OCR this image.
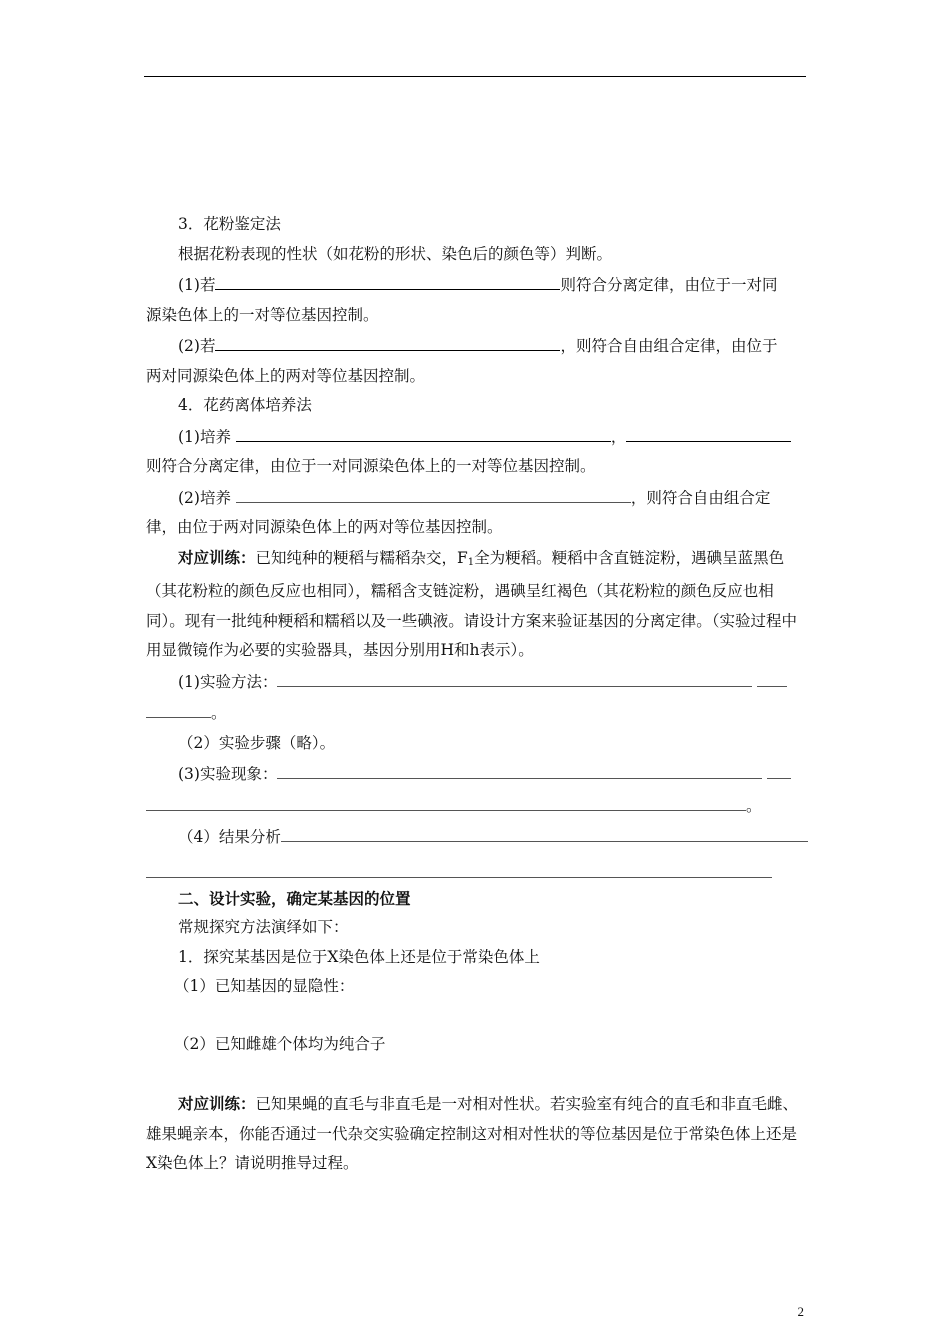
3．花粉鉴定法

根据花粉表现的性状（如花粉的形状、染色后的颜色等）判断。

(1)若	则符合分离定律，由位于一对同

源染色体上的一对等位基因控制。

(2)若	，则符合自由组合定律，由位于

两对同源染色体上的两对等位基因控制。

4．花药离体培养法

(1)培养	，

则符合分离定律，由位于一对同源染色体上的一对等位基因控制。

(2)培养	，则符合自由组合定

律，由位于两对同源染色体上的两对等位基因控制。

对应训练：已知纯种的粳稻与糯稻杂交，$F_1$全为粳稻。粳稻中含直链淀粉，遇碘呈蓝黑色（其花粉粒的颜色反应也相同），糯稻含支链淀粉，遇碘呈红褐色（其花粉粒的颜色反应也相同）。现有一批纯种粳稻和糯稻以及一些碘液。请设计方案来验证基因的分离定律。（实验过程中用显微镜作为必要的实验器具，基因分别用H和h表示）。

(1)实验方法：

。

（2）实验步骤（略）。

(3)实验现象：

。

（4）结果分析

二、设计实验，确定某基因的位置

常规探究方法演绎如下：

1．探究某基因是位于X染色体上还是位于常染色体上

（1）已知基因的显隐性：

（2）已知雌雄个体均为纯合子

对应训练：已知果蝇的直毛与非直毛是一对相对性状。若实验室有纯合的直毛和非直毛雌、雄果蝇亲本，你能否通过一代杂交实验确定控制这对相对性状的等位基因是位于常染色体上还是X染色体上？请说明推导过程。

2
